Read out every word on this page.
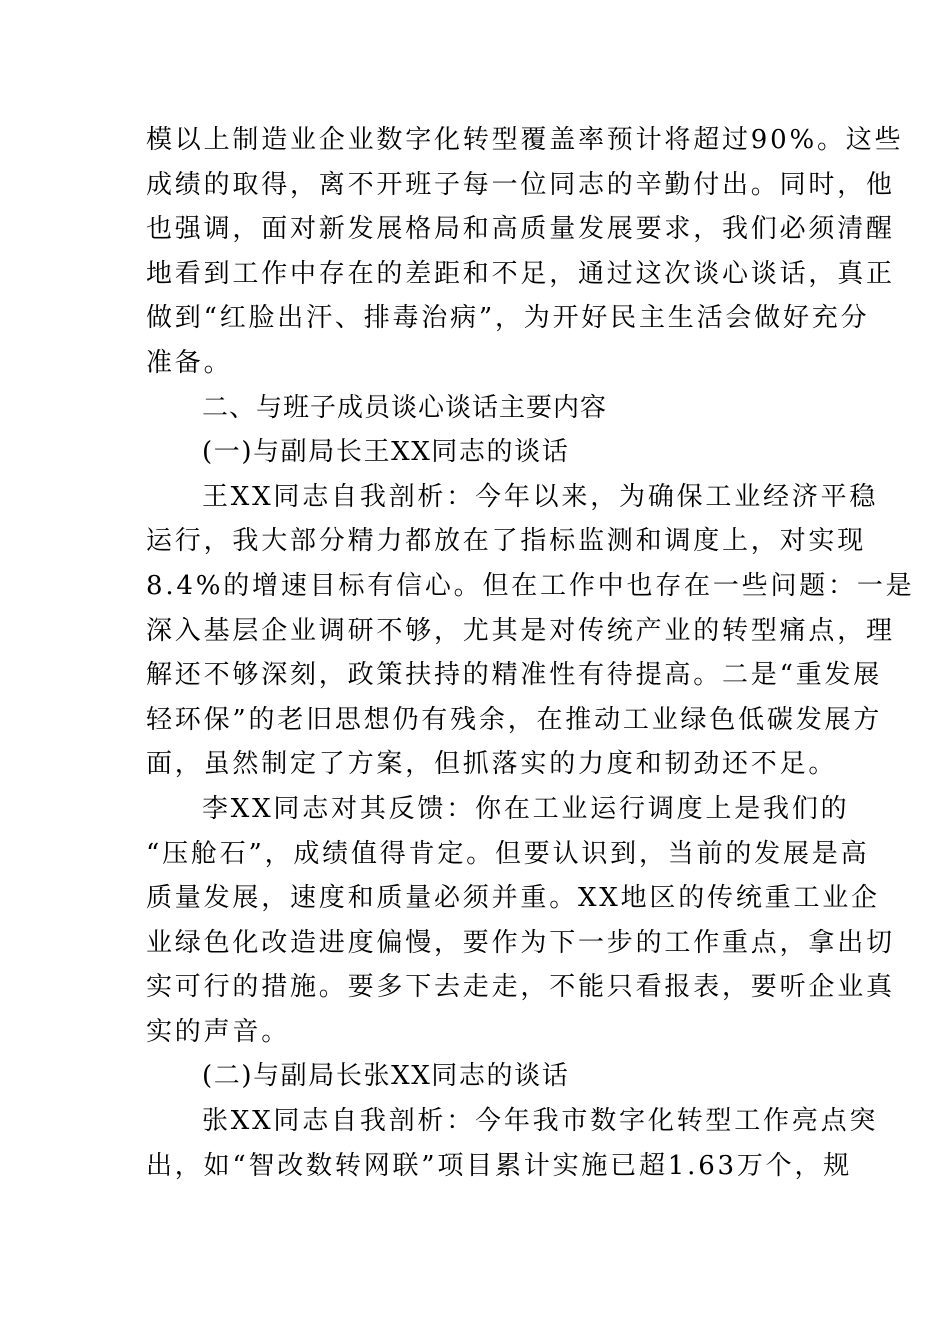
模以上制造业企业数字化转型覆盖率预计将超过90%。这些
成绩的取得，离不开班子每一位同志的辛勤付出。同时，他
也强调，面对新发展格局和高质量发展要求，我们必须清醒
地看到工作中存在的差距和不足，通过这次谈心谈话，真正
做到“红脸出汗、排毒治病”，为开好民主生活会做好充分
准备。
二、与班子成员谈心谈话主要内容
(一)与副局长王XX同志的谈话
王XX同志自我剖析：今年以来，为确保工业经济平稳
运行，我大部分精力都放在了指标监测和调度上，对实现
8.4%的增速目标有信心。但在工作中也存在一些问题：一是
深入基层企业调研不够，尤其是对传统产业的转型痛点，理
解还不够深刻，政策扶持的精准性有待提高。二是“重发展
轻环保”的老旧思想仍有残余，在推动工业绿色低碳发展方
面，虽然制定了方案，但抓落实的力度和韧劲还不足。
李XX同志对其反馈：你在工业运行调度上是我们的
“压舱石”，成绩值得肯定。但要认识到，当前的发展是高
质量发展，速度和质量必须并重。XX地区的传统重工业企
业绿色化改造进度偏慢，要作为下一步的工作重点，拿出切
实可行的措施。要多下去走走，不能只看报表，要听企业真
实的声音。
(二)与副局长张XX同志的谈话
张XX同志自我剖析：今年我市数字化转型工作亮点突
出，如“智改数转网联”项目累计实施已超1.63万个，规
